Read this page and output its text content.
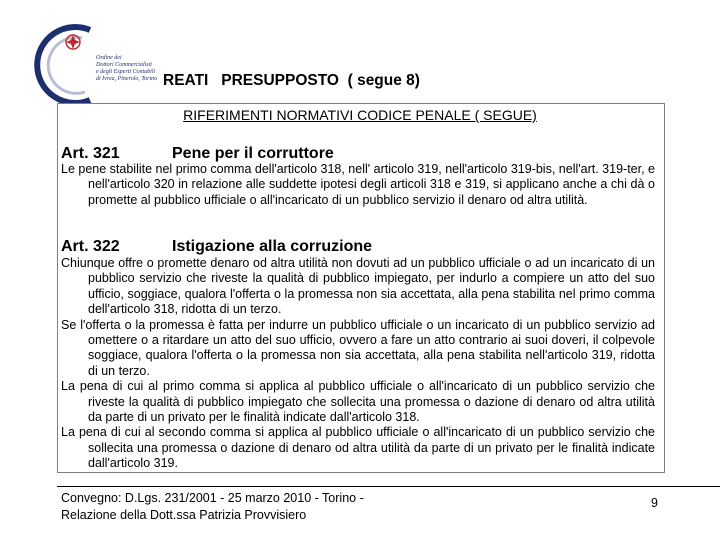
Ordine dei
Dottori Commercialisti
e degli Esperti Contabili
di Ivrea, Pinerolo, Torino REATI   PRESUPPOSTO  ( segue 8)
RIFERIMENTI NORMATIVI CODICE PENALE ( SEGUE)
Art. 321	Pene per il corruttore

Le pene stabilite nel primo comma dell'articolo 318, nell' articolo 319, nell'articolo 319-bis, nell'art. 319-ter, e nell'articolo 320 in relazione alle suddette ipotesi degli articoli 318 e 319, si applicano anche a chi dà o promette al pubblico ufficiale o all'incaricato di un pubblico servizio il denaro od altra utilità.

Art. 322	Istigazione alla corruzione

Chiunque offre o promette denaro od altra utilità non dovuti ad un pubblico ufficiale o ad un incaricato di un pubblico servizio che riveste la qualità di pubblico impiegato, per indurlo a compiere un atto del suo ufficio, soggiace, qualora l'offerta o la promessa non sia accettata, alla pena stabilita nel primo comma dell'articolo 318, ridotta di un terzo.

Se l'offerta o la promessa è fatta per indurre un pubblico ufficiale o un incaricato di un pubblico servizio ad omettere o a ritardare un atto del suo ufficio, ovvero a fare un atto contrario ai suoi doveri, il colpevole soggiace, qualora l'offerta o la promessa non sia accettata, alla pena stabilita nell'articolo 319, ridotta di un terzo.

La pena di cui al primo comma si applica al pubblico ufficiale o all'incaricato di un pubblico servizio che riveste la qualità di pubblico impiegato che sollecita una promessa o dazione di denaro od altra utilità da parte di un privato per le finalità indicate dall'articolo 318.

La pena di cui al secondo comma si applica al pubblico ufficiale o all'incaricato di un pubblico servizio che sollecita una promessa o dazione di denaro od altra utilità da parte di un privato per le finalità indicate dall'articolo 319.

Convegno: D.Lgs. 231/2001 - 25 marzo 2010 - Torino -
Relazione della Dott.ssa Patrizia Provvisiero
9
